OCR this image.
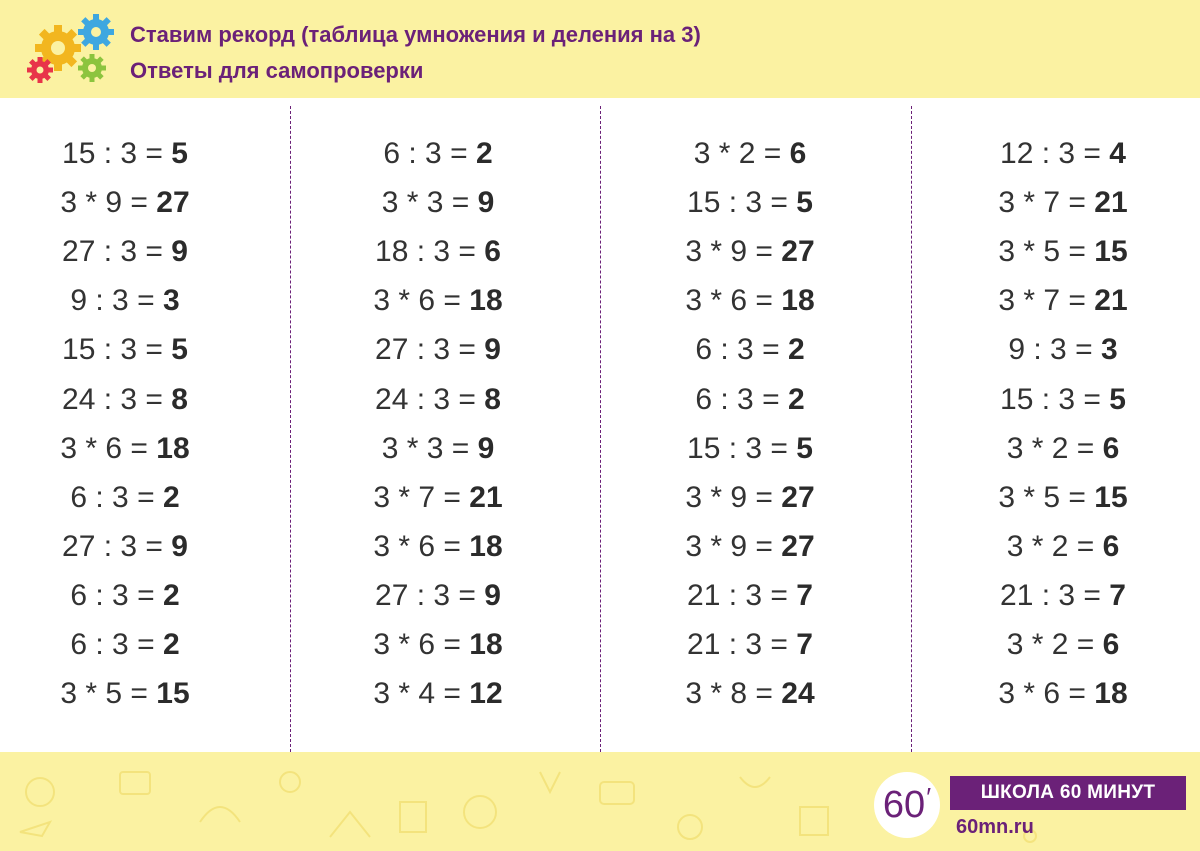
Ставим рекорд (таблица умножения и деления на 3)
Ответы для самопроверки
15 : 3 = 5
3 * 9 = 27
27 : 3 = 9
9 : 3 = 3
15 : 3 = 5
24 : 3 = 8
3 * 6 = 18
6 : 3 = 2
27 : 3 = 9
6 : 3 = 2
6 : 3 = 2
3 * 5 = 15
6 : 3 = 2
3 * 3 = 9
18 : 3 = 6
3 * 6 = 18
27 : 3 = 9
24 : 3 = 8
3 * 3 = 9
3 * 7 = 21
3 * 6 = 18
27 : 3 = 9
3 * 6 = 18
3 * 4 = 12
3 * 2 = 6
15 : 3 = 5
3 * 9 = 27
3 * 6 = 18
6 : 3 = 2
6 : 3 = 2
15 : 3 = 5
3 * 9 = 27
3 * 9 = 27
21 : 3 = 7
21 : 3 = 7
3 * 8 = 24
12 : 3 = 4
3 * 7 = 21
3 * 5 = 15
3 * 7 = 21
9 : 3 = 3
15 : 3 = 5
3 * 2 = 6
3 * 5 = 15
3 * 2 = 6
21 : 3 = 7
3 * 2 = 6
3 * 6 = 18
60 ′	ШКОЛА 60 МИНУТ
60mn.ru
